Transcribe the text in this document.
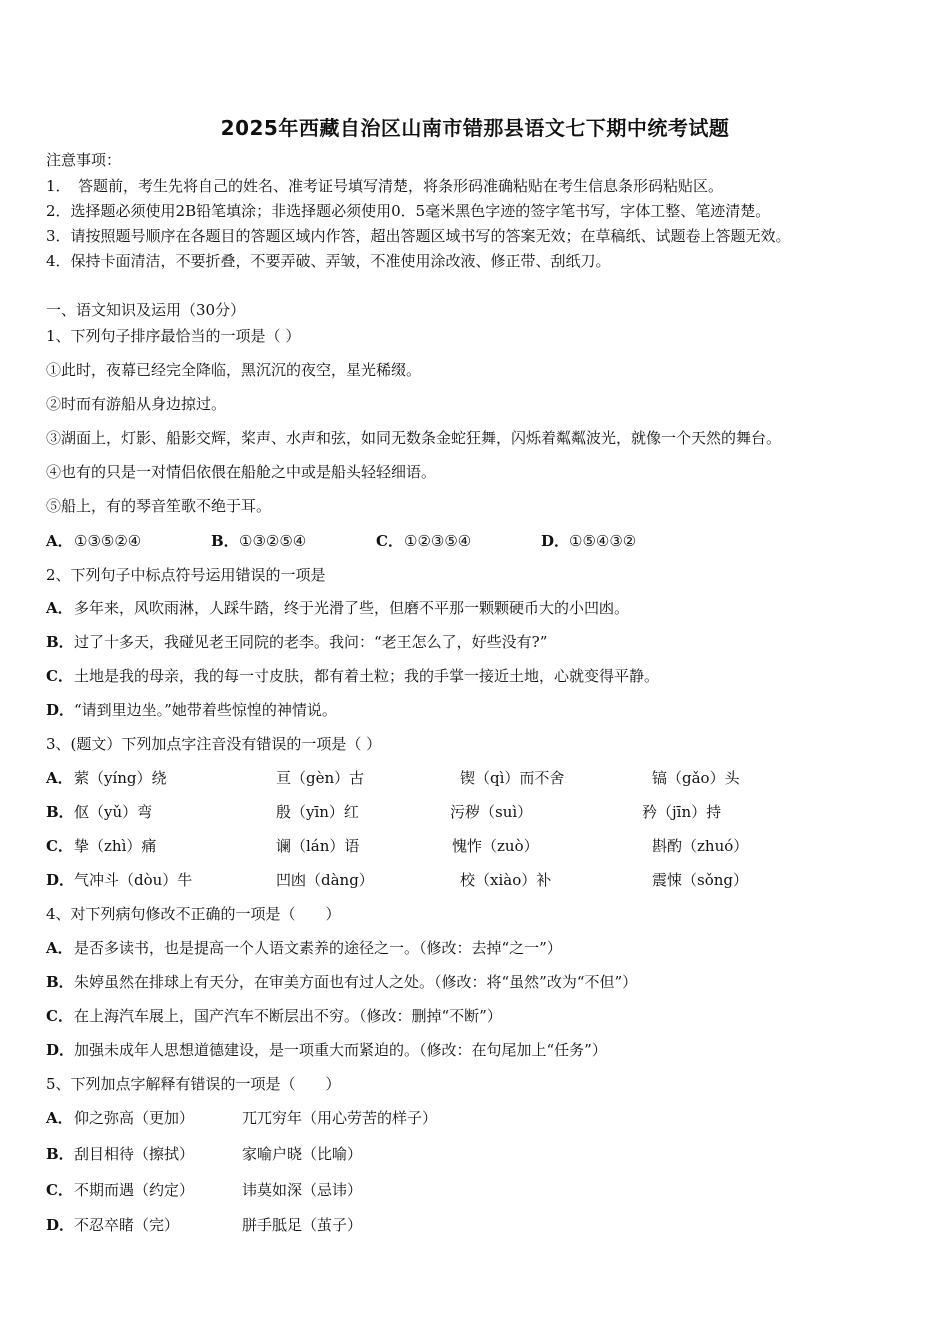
2025年西藏自治区山南市错那县语文七下期中统考试题
注意事项：
1．　答题前，考生先将自己的姓名、准考证号填写清楚，将条形码准确粘贴在考生信息条形码粘贴区。
2．选择题必须使用2B铅笔填涂；非选择题必须使用0．5毫米黑色字迹的签字笔书写，字体工整、笔迹清楚。
3．请按照题号顺序在各题目的答题区域内作答，超出答题区域书写的答案无效；在草稿纸、试题卷上答题无效。
4．保持卡面清洁，不要折叠，不要弄破、弄皱，不准使用涂改液、修正带、刮纸刀。
一、语文知识及运用（30分）
1、下列句子排序最恰当的一项是（ ）
①此时，夜幕已经完全降临，黑沉沉的夜空，星光稀缀。
②时而有游船从身边掠过。
③湖面上，灯影、船影交辉，桨声、水声和弦，如同无数条金蛇狂舞，闪烁着粼粼波光，就像一个天然的舞台。
④也有的只是一对情侣依偎在船舱之中或是船头轻轻细语。
⑤船上，有的琴音笙歌不绝于耳。
A．①③⑤②④	B．①③②⑤④	C．①②③⑤④	D．①⑤④③②
2、下列句子中标点符号运用错误的一项是
A．多年来，风吹雨淋，人踩牛踏，终于光滑了些，但磨不平那一颗颗硬币大的小凹凼。
B．过了十多天，我碰见老王同院的老李。我问：“老王怎么了，好些没有?”
C．土地是我的母亲，我的每一寸皮肤，都有着土粒；我的手掌一接近土地，心就变得平静。
D．“请到里边坐。”她带着些惊惶的神情说。
3、(题文）下列加点字注音没有错误的一项是（ ）
A．萦（yíng）绕	亘（gèn）古	锲（qì）而不舍	镐（gǎo）头
B．伛（yǔ）弯	殷（yīn）红	污秽（suì）	矜（jīn）持
C．挚（zhì）痛	谰（lán）语	愧怍（zuò）	斟酌（zhuó）
D．气冲斗（dòu）牛	凹凼（dàng）	校（xiào）补	震悚（sǒng）
4、对下列病句修改不正确的一项是（　　）
A．是否多读书，也是提高一个人语文素养的途径之一。（修改：去掉“之一”）
B．朱婷虽然在排球上有天分，在审美方面也有过人之处。（修改：将“虽然”改为“不但”）
C．在上海汽车展上，国产汽车不断层出不穷。（修改：删掉“不断”）
D．加强未成年人思想道德建设，是一项重大而紧迫的。（修改：在句尾加上“任务”）
5、下列加点字解释有错误的一项是（　　）
A．仰之弥高（更加）	兀兀穷年（用心劳苦的样子）
B．刮目相待（擦拭）	家喻户晓（比喻）
C．不期而遇（约定）	讳莫如深（忌讳）
D．不忍卒睹（完）	胼手胝足（茧子）
